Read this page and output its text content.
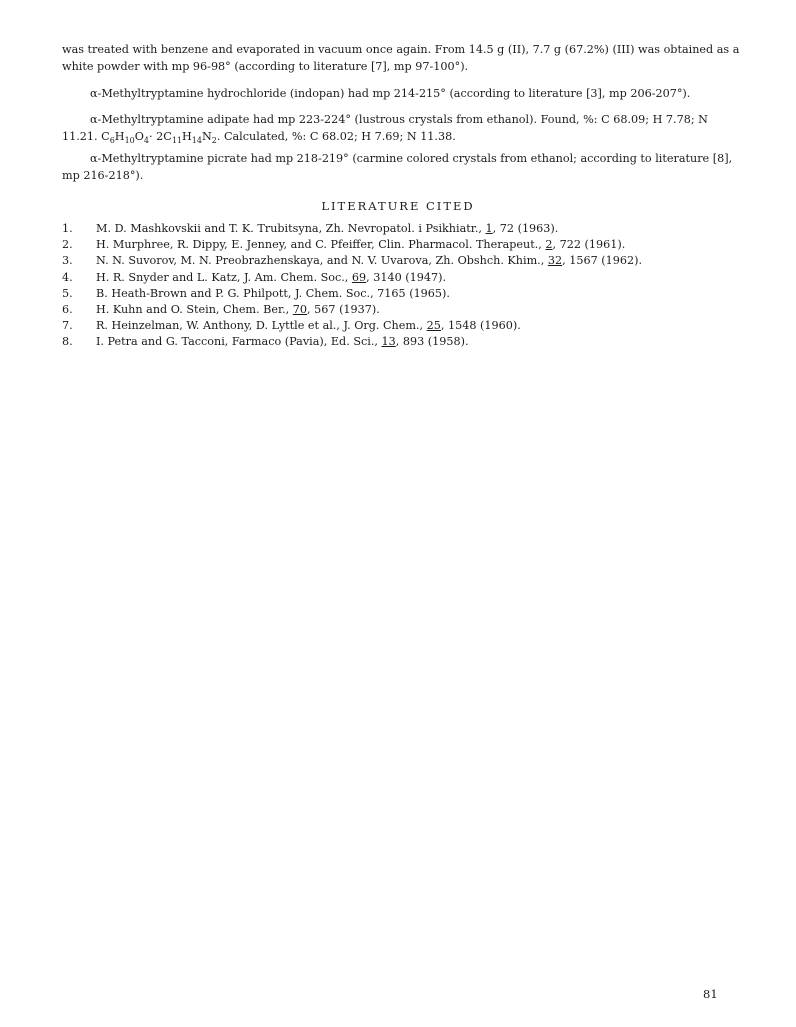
was treated with benzene and evaporated in vacuum once again. From 14.5 g (II), 7.7 g (67.2%) (III) was obtained as a white powder with mp 96-98° (according to literature [7], mp 97-100°).

α-Methyltryptamine hydrochloride (indopan) had mp 214-215° (according to literature [3], mp 206-207°).

α-Methyltryptamine adipate had mp 223-224° (lustrous crystals from ethanol). Found, %: C 68.09; H 7.78; N 11.21. $C_6H_{10}O_4\cdot 2C_{11}H_{14}N_2$. Calculated, %: C 68.02; H 7.69; N 11.38.

α-Methyltryptamine picrate had mp 218-219° (carmine colored crystals from ethanol; according to literature [8], mp 216-218°).

LITERATURE CITED
1.	M. D. Mashkovskii and T. K. Trubitsyna, Zh. Nevropatol. i Psikhiatr., 1, 72 (1963).
2.	H. Murphree, R. Dippy, E. Jenney, and C. Pfeiffer, Clin. Pharmacol. Therapeut., 2, 722 (1961).
3.	N. N. Suvorov, M. N. Preobrazhenskaya, and N. V. Uvarova, Zh. Obshch. Khim., 32, 1567 (1962).
4.	H. R. Snyder and L. Katz, J. Am. Chem. Soc., 69, 3140 (1947).
5.	B. Heath-Brown and P. G. Philpott, J. Chem. Soc., 7165 (1965).
6.	H. Kuhn and O. Stein, Chem. Ber., 70, 567 (1937).
7.	R. Heinzelman, W. Anthony, D. Lyttle et al., J. Org. Chem., 25, 1548 (1960).
8.	I. Petra and G. Tacconi, Farmaco (Pavia), Ed. Sci., 13, 893 (1958).

81
